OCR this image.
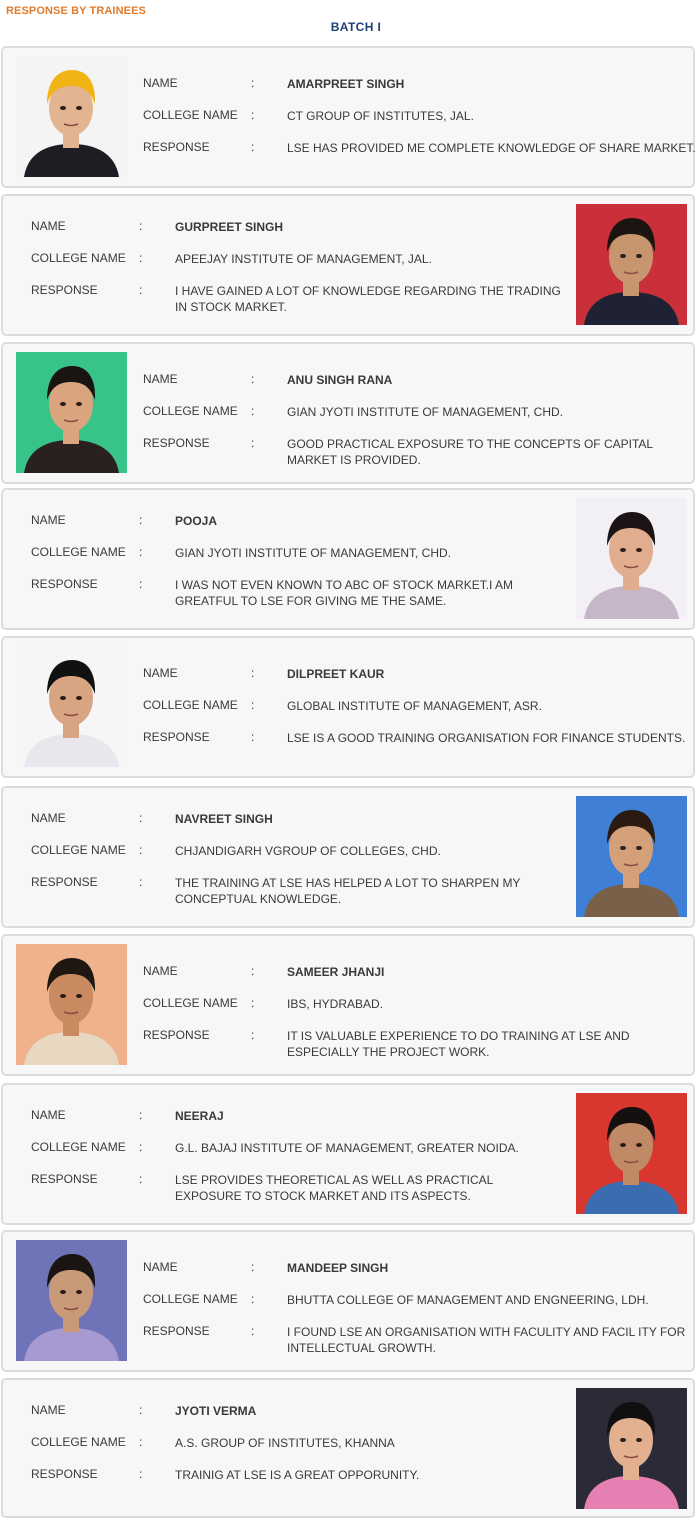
RESPONSE BY TRAINEES
BATCH I
NAME	:	AMARPREET SINGH
COLLEGE NAME :	CT GROUP OF INSTITUTES, JAL.
RESPONSE	:	LSE HAS PROVIDED ME COMPLETE KNOWLEDGE OF SHARE MARKET.
NAME	:	GURPREET SINGH
COLLEGE NAME :	APEEJAY INSTITUTE OF MANAGEMENT, JAL.
RESPONSE	:	I HAVE GAINED A LOT OF KNOWLEDGE REGARDING THE TRADING IN STOCK MARKET.
NAME	:	ANU SINGH RANA
COLLEGE NAME :	GIAN JYOTI INSTITUTE OF MANAGEMENT, CHD.
RESPONSE	:	GOOD PRACTICAL EXPOSURE TO THE CONCEPTS OF CAPITAL MARKET IS PROVIDED.
NAME	:	POOJA
COLLEGE NAME :	GIAN JYOTI INSTITUTE OF MANAGEMENT, CHD.
RESPONSE	:	I WAS NOT EVEN KNOWN TO ABC OF STOCK MARKET.I AM GREATFUL TO LSE FOR GIVING ME THE SAME.
NAME	:	DILPREET KAUR
COLLEGE NAME :	GLOBAL INSTITUTE OF MANAGEMENT, ASR.
RESPONSE	:	LSE IS A GOOD TRAINING ORGANISATION FOR FINANCE STUDENTS.
NAME	:	NAVREET SINGH
COLLEGE NAME :	CHJANDIGARH VGROUP OF COLLEGES, CHD.
RESPONSE	:	THE TRAINING AT LSE HAS HELPED A LOT TO SHARPEN MY CONCEPTUAL KNOWLEDGE.
NAME	:	SAMEER JHANJI
COLLEGE NAME :	IBS, HYDRABAD.
RESPONSE	:	IT IS VALUABLE EXPERIENCE TO DO TRAINING AT LSE AND ESPECIALLY THE PROJECT WORK.
NAME	:	NEERAJ
COLLEGE NAME :	G.L. BAJAJ INSTITUTE OF MANAGEMENT, GREATER NOIDA.
RESPONSE	:	LSE PROVIDES THEORETICAL AS WELL AS PRACTICAL EXPOSURE TO STOCK MARKET AND ITS ASPECTS.
NAME	:	MANDEEP SINGH
COLLEGE NAME :	BHUTTA COLLEGE OF MANAGEMENT AND ENGNEERING, LDH.
RESPONSE	:	I FOUND LSE AN ORGANISATION WITH FACULITY AND FACIL ITY FOR INTELLECTUAL GROWTH.
NAME	:	JYOTI VERMA
COLLEGE NAME :	A.S. GROUP OF INSTITUTES, KHANNA
RESPONSE	:	TRAINIG AT LSE IS A GREAT OPPORUNITY.
